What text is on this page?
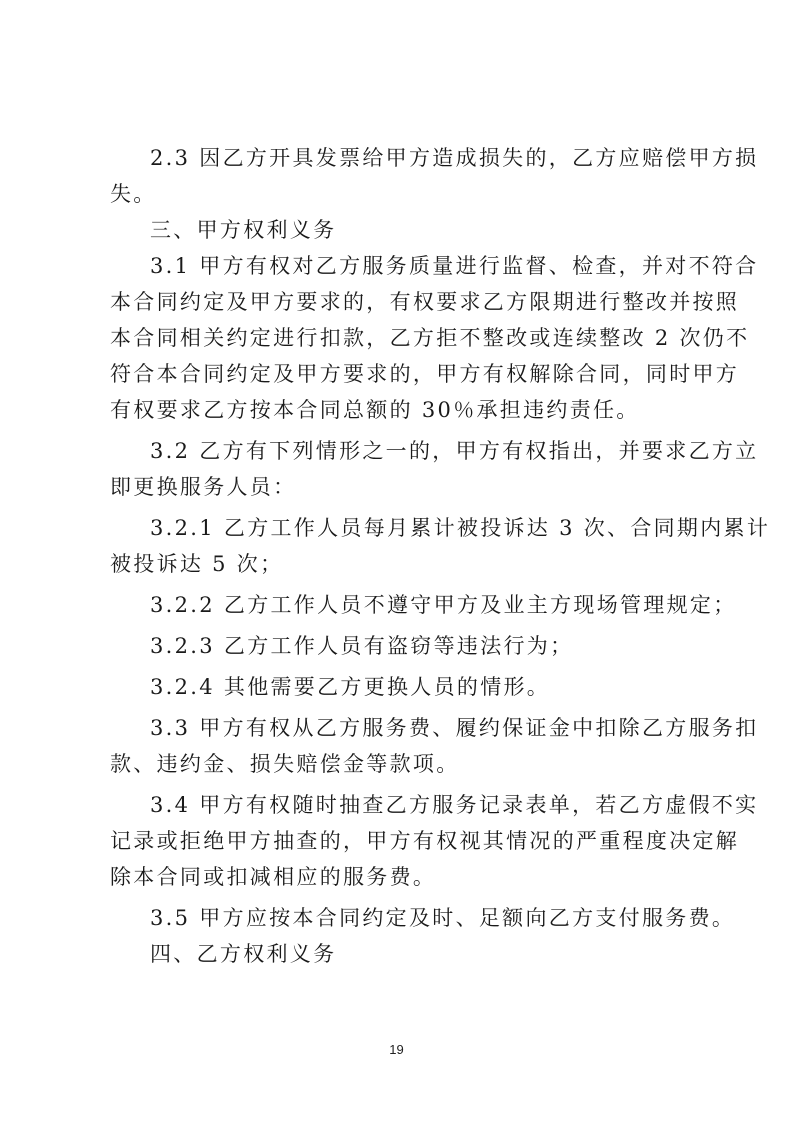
2.3 因乙方开具发票给甲方造成损失的，乙方应赔偿甲方损
失。
三、甲方权利义务
3.1 甲方有权对乙方服务质量进行监督、检查，并对不符合
本合同约定及甲方要求的，有权要求乙方限期进行整改并按照
本合同相关约定进行扣款，乙方拒不整改或连续整改 2 次仍不
符合本合同约定及甲方要求的，甲方有权解除合同，同时甲方
有权要求乙方按本合同总额的 30％承担违约责任。
3.2 乙方有下列情形之一的，甲方有权指出，并要求乙方立
即更换服务人员：
3.2.1 乙方工作人员每月累计被投诉达 3 次、合同期内累计
被投诉达 5 次；
3.2.2 乙方工作人员不遵守甲方及业主方现场管理规定；
3.2.3 乙方工作人员有盗窃等违法行为；
3.2.4 其他需要乙方更换人员的情形。
3.3 甲方有权从乙方服务费、履约保证金中扣除乙方服务扣
款、违约金、损失赔偿金等款项。
3.4 甲方有权随时抽查乙方服务记录表单，若乙方虚假不实
记录或拒绝甲方抽查的，甲方有权视其情况的严重程度决定解
除本合同或扣减相应的服务费。
3.5 甲方应按本合同约定及时、足额向乙方支付服务费。
四、乙方权利义务
19
